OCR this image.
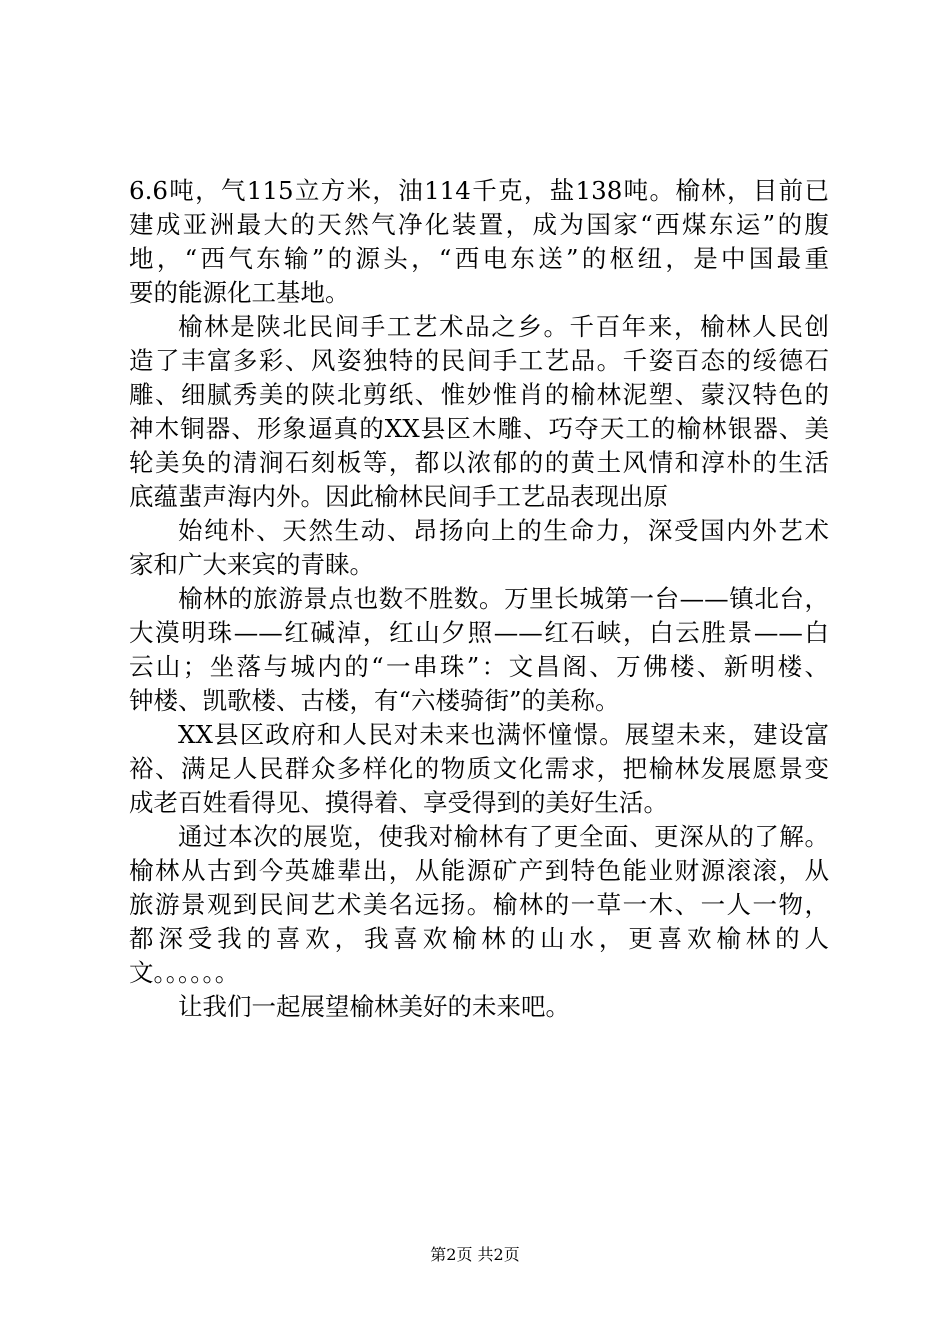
6.6吨，气115立方米，油114千克，盐138吨。榆林，目前已
建成亚洲最大的天然气净化装置，成为国家“西煤东运”的腹
地，“西气东输”的源头，“西电东送”的枢纽，是中国最重
要的能源化工基地。
榆林是陕北民间手工艺术品之乡。千百年来，榆林人民创
造了丰富多彩、风姿独特的民间手工艺品。千姿百态的绥德石
雕、细腻秀美的陕北剪纸、惟妙惟肖的榆林泥塑、蒙汉特色的
神木铜器、形象逼真的XX县区木雕、巧夺天工的榆林银器、美
轮美奂的清涧石刻板等，都以浓郁的的黄土风情和淳朴的生活
底蕴蜚声海内外。因此榆林民间手工艺品表现出原
始纯朴、天然生动、昂扬向上的生命力，深受国内外艺术
家和广大来宾的青睐。
榆林的旅游景点也数不胜数。万里长城第一台——镇北台，
大漠明珠——红碱淖，红山夕照——红石峡，白云胜景——白
云山；坐落与城内的“一串珠”：文昌阁、万佛楼、新明楼、
钟楼、凯歌楼、古楼，有“六楼骑街”的美称。
XX县区政府和人民对未来也满怀憧憬。展望未来，建设富
裕、满足人民群众多样化的物质文化需求，把榆林发展愿景变
成老百姓看得见、摸得着、享受得到的美好生活。
通过本次的展览，使我对榆林有了更全面、更深从的了解。
榆林从古到今英雄辈出，从能源矿产到特色能业财源滚滚，从
旅游景观到民间艺术美名远扬。榆林的一草一木、一人一物，
都深受我的喜欢，我喜欢榆林的山水，更喜欢榆林的人
文。。。。。。
让我们一起展望榆林美好的未来吧。
第2页 共2页
